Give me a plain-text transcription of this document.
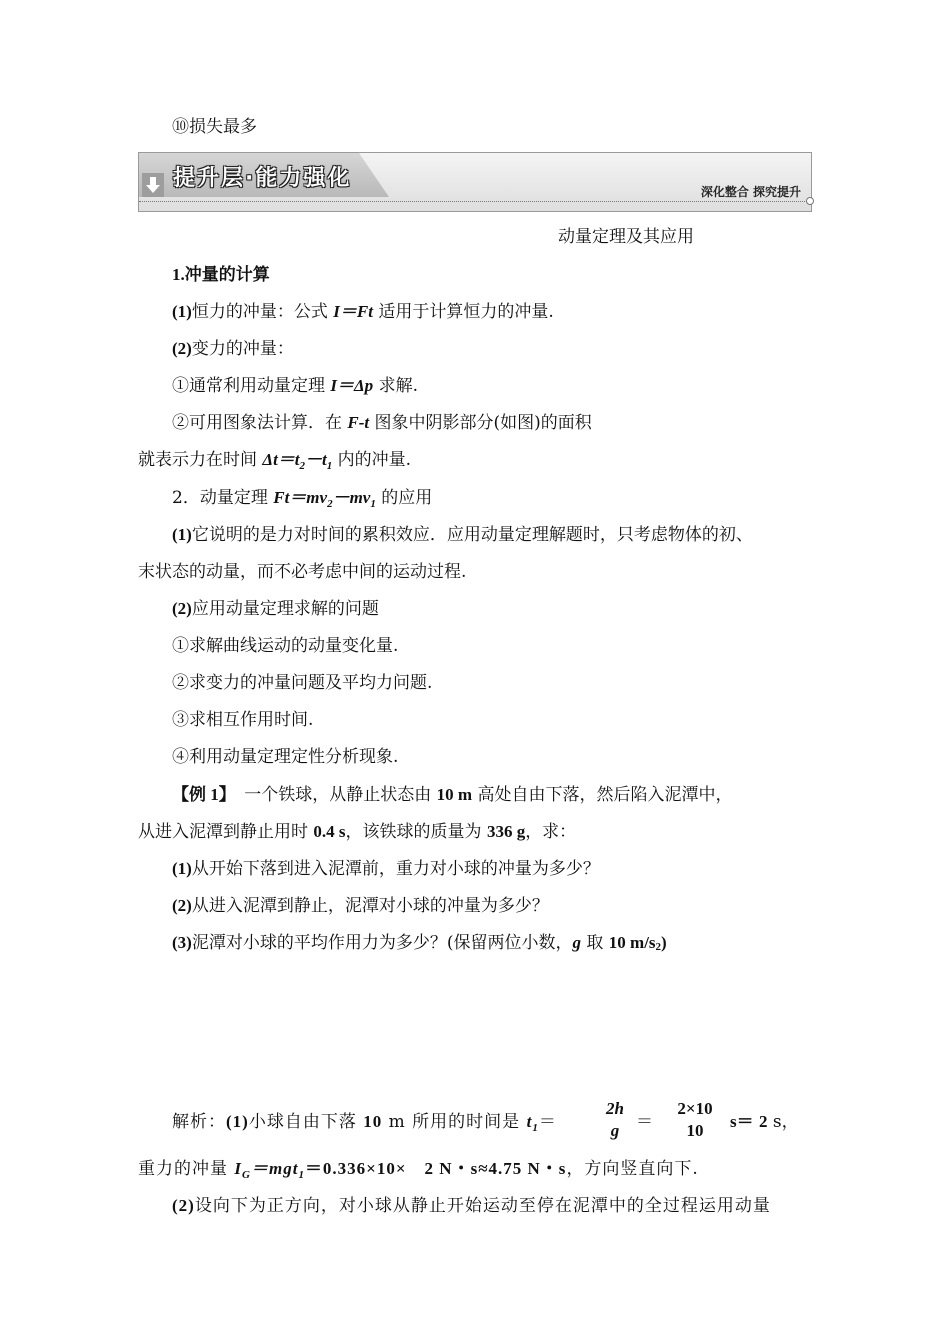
⑩损失最多
提升层·能力强化
深化整合 探究提升
动量定理及其应用
1.冲量的计算
(1)恒力的冲量：公式 I＝Ft 适用于计算恒力的冲量.
(2)变力的冲量：
①通常利用动量定理 I＝Δp 求解.
②可用图象法计算．在 F-t 图象中阴影部分(如图)的面积
就表示力在时间 $\Delta t=t_2-t_1$ 内的冲量.
2．动量定理 $Ft=mv_2-mv_1$ 的应用
(1)它说明的是力对时间的累积效应．应用动量定理解题时，只考虑物体的初、
末状态的动量，而不必考虑中间的运动过程.
(2)应用动量定理求解的问题
①求解曲线运动的动量变化量.
②求变力的冲量问题及平均力问题.
③求相互作用时间.
④利用动量定理定性分析现象.
【例 1】　一个铁球，从静止状态由 10 m 高处自由下落，然后陷入泥潭中，
从进入泥潭到静止用时 0.4 s，该铁球的质量为 336 g，求：
(1)从开始下落到进入泥潭前，重力对小球的冲量为多少？
(2)从进入泥潭到静止，泥潭对小球的冲量为多少？
(3)泥潭对小球的平均作用力为多少？(保留两位小数，g 取 10 $m/s_2$)
解析：(1)小球自由下落 10 m 所用的时间是 $t_1=$
2h
g ＝
2×10
10	s＝ 2 s，
重力的冲量 $I_G=mgt_1=0.336\times 10\times$　2 N・s≈4.75 N・s，方向竖直向下.
(2)设向下为正方向，对小球从静止开始运动至停在泥潭中的全过程运用动量
